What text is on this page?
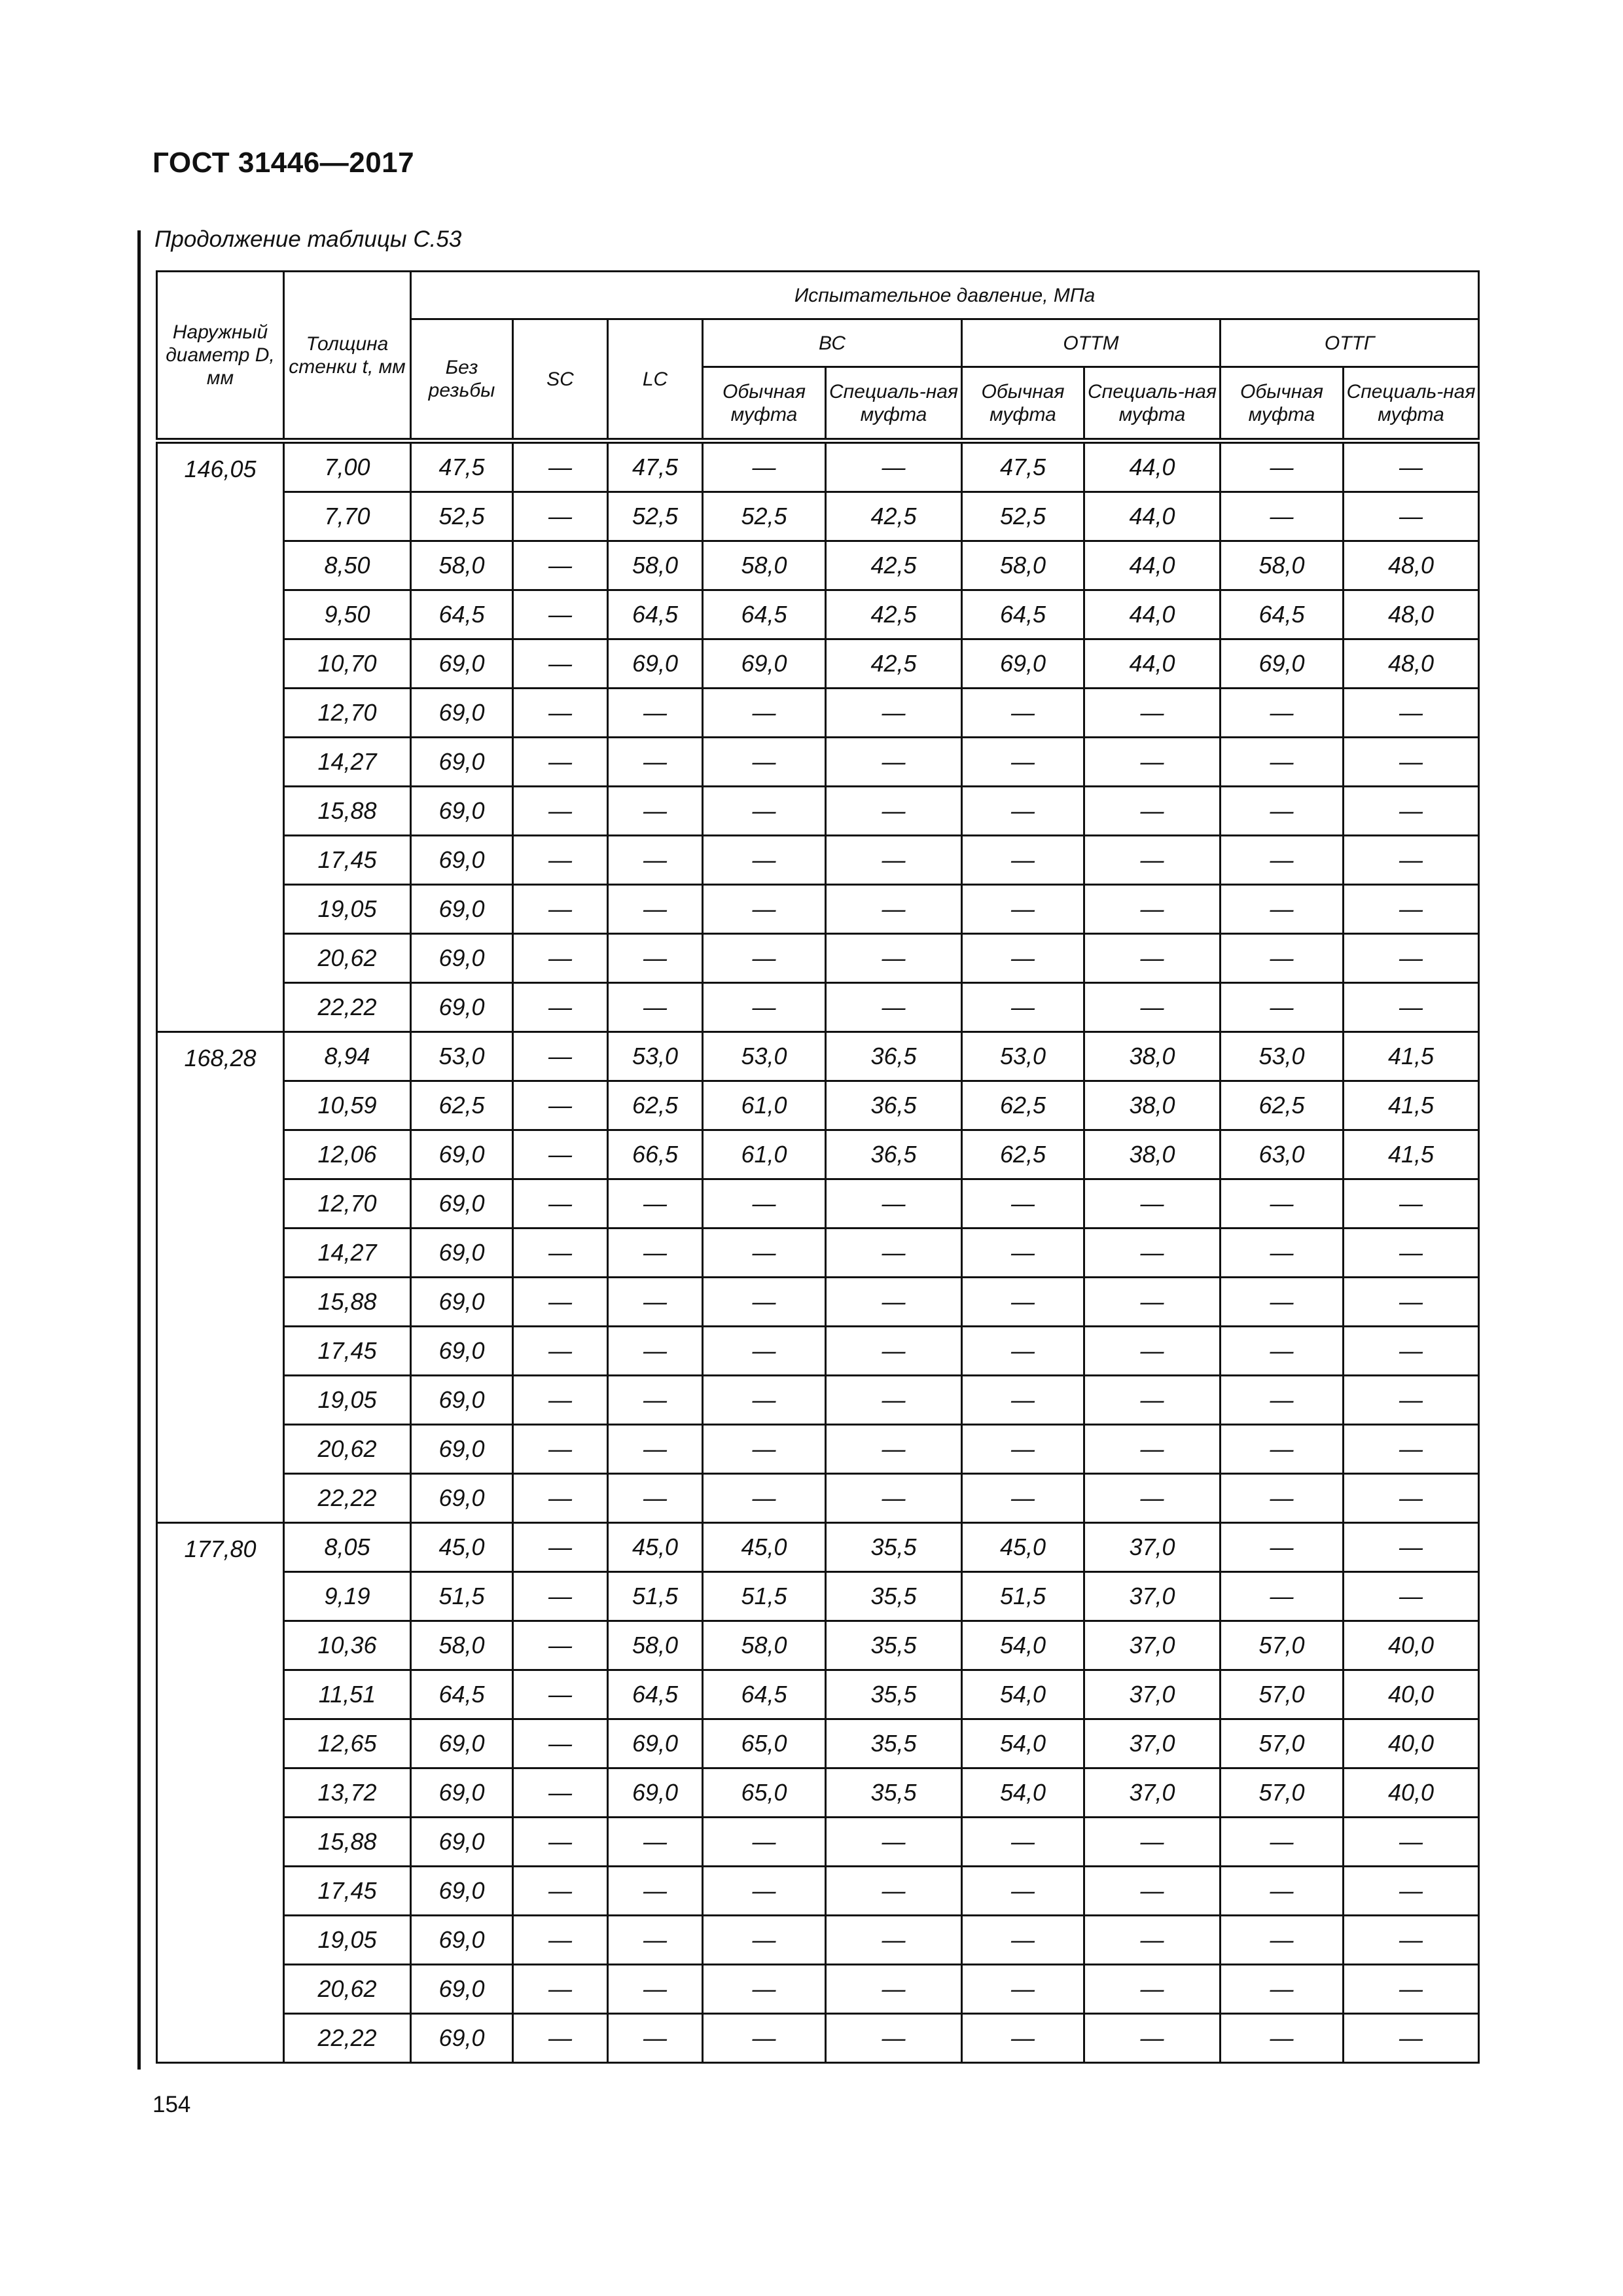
ГОСТ 31446—2017
Продолжение таблицы С.53
Наружный диаметр D, мм	Толщина стенки t, мм	Испытательное давление, МПа								
		Без резьбы	SC	LC	ВС		ОТТМ		ОТТГ	
					Обычная муфта	Специаль-ная муфта	Обычная муфта	Специаль-ная муфта	Обычная муфта	Специаль-ная муфта
146,05	7,00	47,5	—	47,5	—	—	47,5	44,0	—	—
	7,70	52,5	—	52,5	52,5	42,5	52,5	44,0	—	—
	8,50	58,0	—	58,0	58,0	42,5	58,0	44,0	58,0	48,0
	9,50	64,5	—	64,5	64,5	42,5	64,5	44,0	64,5	48,0
	10,70	69,0	—	69,0	69,0	42,5	69,0	44,0	69,0	48,0
	12,70	69,0	—	—	—	—	—	—	—	—
	14,27	69,0	—	—	—	—	—	—	—	—
	15,88	69,0	—	—	—	—	—	—	—	—
	17,45	69,0	—	—	—	—	—	—	—	—
	19,05	69,0	—	—	—	—	—	—	—	—
	20,62	69,0	—	—	—	—	—	—	—	—
	22,22	69,0	—	—	—	—	—	—	—	—
168,28	8,94	53,0	—	53,0	53,0	36,5	53,0	38,0	53,0	41,5
	10,59	62,5	—	62,5	61,0	36,5	62,5	38,0	62,5	41,5
	12,06	69,0	—	66,5	61,0	36,5	62,5	38,0	63,0	41,5
	12,70	69,0	—	—	—	—	—	—	—	—
	14,27	69,0	—	—	—	—	—	—	—	—
	15,88	69,0	—	—	—	—	—	—	—	—
	17,45	69,0	—	—	—	—	—	—	—	—
	19,05	69,0	—	—	—	—	—	—	—	—
	20,62	69,0	—	—	—	—	—	—	—	—
	22,22	69,0	—	—	—	—	—	—	—	—
177,80	8,05	45,0	—	45,0	45,0	35,5	45,0	37,0	—	—
	9,19	51,5	—	51,5	51,5	35,5	51,5	37,0	—	—
	10,36	58,0	—	58,0	58,0	35,5	54,0	37,0	57,0	40,0
	11,51	64,5	—	64,5	64,5	35,5	54,0	37,0	57,0	40,0
	12,65	69,0	—	69,0	65,0	35,5	54,0	37,0	57,0	40,0
	13,72	69,0	—	69,0	65,0	35,5	54,0	37,0	57,0	40,0
	15,88	69,0	—	—	—	—	—	—	—	—
	17,45	69,0	—	—	—	—	—	—	—	—
	19,05	69,0	—	—	—	—	—	—	—	—
	20,62	69,0	—	—	—	—	—	—	—	—
	22,22	69,0	—	—	—	—	—	—	—	—
154
